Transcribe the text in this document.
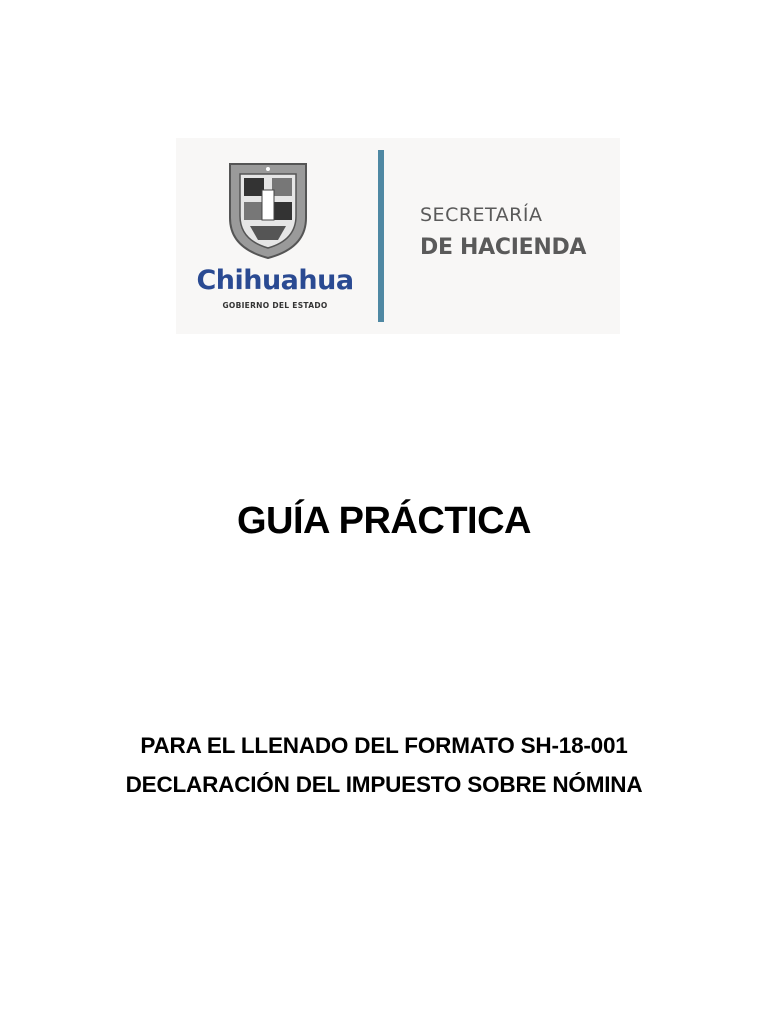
Chihuahua
GOBIERNO DEL ESTADO
SECRETARÍA
DE HACIENDA
GUÍA PRÁCTICA
PARA EL LLENADO DEL FORMATO SH-18-001
DECLARACIÓN DEL IMPUESTO SOBRE NÓMINA
